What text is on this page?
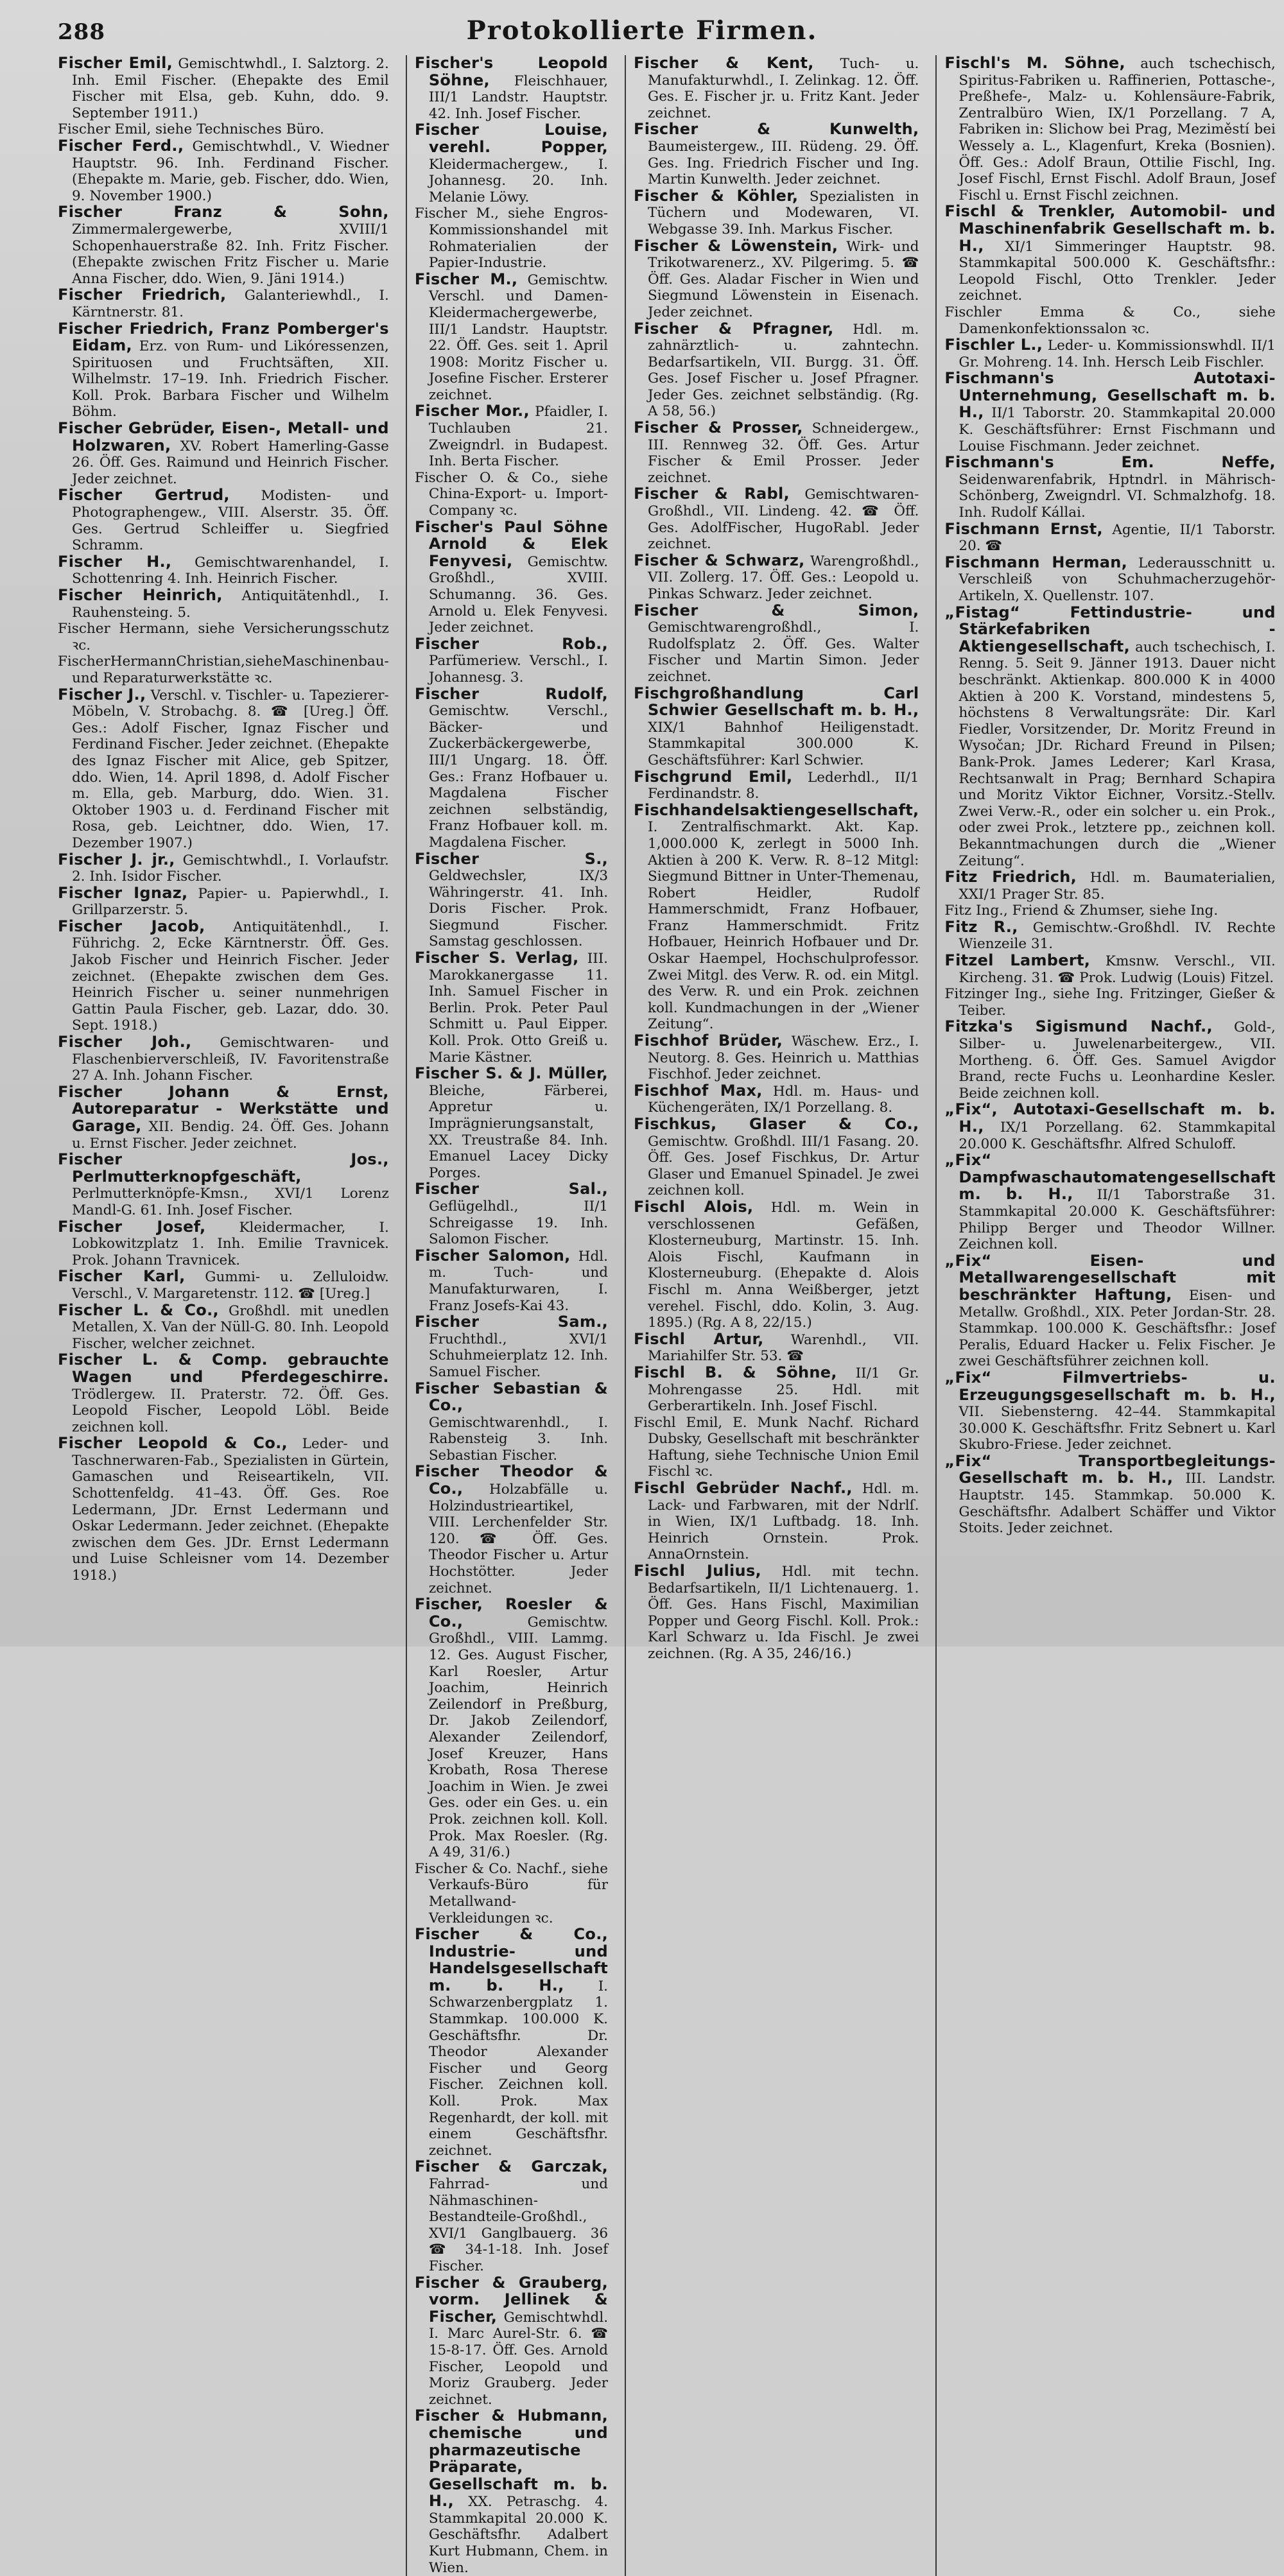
288	Protokollierte Firmen.

Fischer Emil, Gemischtwhdl., I. Salztorg. 2. Inh. Emil Fischer. (Ehepakte des Emil Fischer mit Elsa, geb. Kuhn, ddo. 9. September 1911.)

Fischer Emil, siehe Technisches Büro.

Fischer Ferd., Gemischtwhdl., V. Wiedner Hauptstr. 96. Inh. Ferdinand Fischer. (Ehepakte m. Marie, geb. Fischer, ddo. Wien, 9. November 1900.)

Fischer Franz & Sohn, Zimmermalergewerbe, XVIII/1 Schopenhauerstraße 82. Inh. Fritz Fischer. (Ehepakte zwischen Fritz Fischer u. Marie Anna Fischer, ddo. Wien, 9. Jäni 1914.)

Fischer Friedrich, Galanteriewhdl., I. Kärntnerstr. 81.

Fischer Friedrich, Franz Pomberger's Eidam, Erz. von Rum- und Likóressenzen, Spirituosen und Fruchtsäften, XII. Wilhelmstr. 17–19. Inh. Friedrich Fischer. Koll. Prok. Barbara Fischer und Wilhelm Böhm.

Fischer Gebrüder, Eisen-, Metall- und Holzwaren, XV. Robert Hamerling-Gasse 26. Öff. Ges. Raimund und Heinrich Fischer. Jeder zeichnet.

Fischer Gertrud, Modisten- und Photographengew., VIII. Alserstr. 35. Öff. Ges. Gertrud Schleiffer u. Siegfried Schramm.

Fischer H., Gemischtwarenhandel, I. Schottenring 4. Inh. Heinrich Fischer.

Fischer Heinrich, Antiquitätenhdl., I. Rauhensteing. 5.

Fischer Hermann, siehe Versicherungsschutz ꝛc.

FischerHermannChristian,sieheMaschinenbau- und Reparaturwerkstätte ꝛc.

Fischer J., Verschl. v. Tischler- u. Tapezierer-Möbeln, V. Strobachg. 8. ☎ [Ureg.] Öff. Ges.: Adolf Fischer, Ignaz Fischer und Ferdinand Fischer. Jeder zeichnet. (Ehepakte des Ignaz Fischer mit Alice, geb Spitzer, ddo. Wien, 14. April 1898, d. Adolf Fischer m. Ella, geb. Marburg, ddo. Wien. 31. Oktober 1903 u. d. Ferdinand Fischer mit Rosa, geb. Leichtner, ddo. Wien, 17. Dezember 1907.)

Fischer J. jr., Gemischtwhdl., I. Vorlaufstr. 2. Inh. Isidor Fischer.

Fischer Ignaz, Papier- u. Papierwhdl., I. Grillparzerstr. 5.

Fischer Jacob, Antiquitätenhdl., I. Führichg. 2, Ecke Kärntnerstr. Öff. Ges. Jakob Fischer und Heinrich Fischer. Jeder zeichnet. (Ehepakte zwischen dem Ges. Heinrich Fischer u. seiner nunmehrigen Gattin Paula Fischer, geb. Lazar, ddo. 30. Sept. 1918.)

Fischer Joh., Gemischtwaren- und Flaschenbierverschleiß, IV. Favoritenstraße 27 A. Inh. Johann Fischer.

Fischer Johann & Ernst, Autoreparatur - Werkstätte und Garage, XII. Bendig. 24. Öff. Ges. Johann u. Ernst Fischer. Jeder zeichnet.

Fischer Jos., Perlmutterknopfgeschäft, Perlmutterknöpfe-Kmsn., XVI/1 Lorenz Mandl-G. 61. Inh. Josef Fischer.

Fischer Josef, Kleidermacher, I. Lobkowitzplatz 1. Inh. Emilie Travnicek. Prok. Johann Travnicek.

Fischer Karl, Gummi- u. Zelluloidw. Verschl., V. Margaretenstr. 112. ☎ [Ureg.]

Fischer L. & Co., Großhdl. mit unedlen Metallen, X. Van der Nüll-G. 80. Inh. Leopold Fischer, welcher zeichnet.

Fischer L. & Comp. gebrauchte Wagen und Pferdegeschirre. Trödlergew. II. Praterstr. 72. Öff. Ges. Leopold Fischer, Leopold Löbl. Beide zeichnen koll.

Fischer Leopold & Co., Leder- und Taschnerwaren-Fab., Spezialisten in Gürtein, Gamaschen und Reiseartikeln, VII. Schottenfeldg. 41–43. Öff. Ges. Roe Ledermann, JDr. Ernst Ledermann und Oskar Ledermann. Jeder zeichnet. (Ehepakte zwischen dem Ges. JDr. Ernst Ledermann und Luise Schleisner vom 14. Dezember 1918.)

Fischer's Leopold Söhne, Fleischhauer, III/1 Landstr. Hauptstr. 42. Inh. Josef Fischer.

Fischer Louise, verehl. Popper, Kleidermachergew., I. Johannesg. 20. Inh. Melanie Löwy.

Fischer M., siehe Engros-Kommissionshandel mit Rohmaterialien der Papier-Industrie.

Fischer M., Gemischtw. Verschl. und Damen-Kleidermachergewerbe, III/1 Landstr. Hauptstr. 22. Öff. Ges. seit 1. April 1908: Moritz Fischer u. Josefine Fischer. Ersterer zeichnet.

Fischer Mor., Pfaidler, I. Tuchlauben 21. Zweigndrl. in Budapest. Inh. Berta Fischer.

Fischer O. & Co., siehe China-Export- u. Import-Company ꝛc.

Fischer's Paul Söhne Arnold & Elek Fenyvesi, Gemischtw. Großhdl., XVIII. Schumanng. 36. Ges. Arnold u. Elek Fenyvesi. Jeder zeichnet.

Fischer Rob., Parfümeriew. Verschl., I. Johannesg. 3.

Fischer Rudolf, Gemischtw. Verschl., Bäcker- und Zuckerbäckergewerbe, III/1 Ungarg. 18. Öff. Ges.: Franz Hofbauer u. Magdalena Fischer zeichnen selbständig, Franz Hofbauer koll. m. Magdalena Fischer.

Fischer S., Geldwechsler, IX/3 Währingerstr. 41. Inh. Doris Fischer. Prok. Siegmund Fischer. Samstag geschlossen.

Fischer S. Verlag, III. Marokkanergasse 11. Inh. Samuel Fischer in Berlin. Prok. Peter Paul Schmitt u. Paul Eipper. Koll. Prok. Otto Greiß u. Marie Kästner.

Fischer S. & J. Müller, Bleiche, Färberei, Appretur u. Imprägnierungsanstalt, XX. Treustraße 84. Inh. Emanuel Lacey Dicky Porges.

Fischer Sal., Geflügelhdl., II/1 Schreigasse 19. Inh. Salomon Fischer.

Fischer Salomon, Hdl. m. Tuch- und Manufakturwaren, I. Franz Josefs-Kai 43.

Fischer Sam., Fruchthdl., XVI/1 Schuhmeierplatz 12. Inh. Samuel Fischer.

Fischer Sebastian & Co., Gemischtwarenhdl., I. Rabensteig 3. Inh. Sebastian Fischer.

Fischer Theodor & Co., Holzabfälle u. Holzindustrieartikel, VIII. Lerchenfelder Str. 120. ☎ Öff. Ges. Theodor Fischer u. Artur Hochstötter. Jeder zeichnet.

Fischer, Roesler & Co., Gemischtw. Großhdl., VIII. Lammg. 12. Ges. August Fischer, Karl Roesler, Artur Joachim, Heinrich Zeilendorf in Preßburg, Dr. Jakob Zeilendorf, Alexander Zeilendorf, Josef Kreuzer, Hans Krobath, Rosa Therese Joachim in Wien. Je zwei Ges. oder ein Ges. u. ein Prok. zeichnen koll. Koll. Prok. Max Roesler. (Rg. A 49, 31/6.)

Fischer & Co. Nachf., siehe Verkaufs-Büro für Metallwand-Verkleidungen ꝛc.

Fischer & Co., Industrie- und Handelsgesellschaft m. b. H., I. Schwarzenbergplatz 1. Stammkap. 100.000 K. Geschäftsfhr. Dr. Theodor Alexander Fischer und Georg Fischer. Zeichnen koll. Koll. Prok. Max Regenhardt, der koll. mit einem Geschäftsfhr. zeichnet.

Fischer & Garczak, Fahrrad- und Nähmaschinen-Bestandteile-Großhdl., XVI/1 Ganglbauerg. 36 ☎ 34-1-18. Inh. Josef Fischer.

Fischer & Grauberg, vorm. Jellinek & Fischer, Gemischtwhdl. I. Marc Aurel-Str. 6. ☎ 15-8-17. Öff. Ges. Arnold Fischer, Leopold und Moriz Grauberg. Jeder zeichnet.

Fischer & Hubmann, chemische und pharmazeutische Präparate, Gesellschaft m. b. H., XX. Petraschg. 4. Stammkapital 20.000 K. Geschäftsfhr. Adalbert Kurt Hubmann, Chem. in Wien.

Fischer & Kent, Tuch- u. Manufakturwhdl., I. Zelinkag. 12. Öff. Ges. E. Fischer jr. u. Fritz Kant. Jeder zeichnet.

Fischer & Kunwelth, Baumeistergew., III. Rüdeng. 29. Öff. Ges. Ing. Friedrich Fischer und Ing. Martin Kunwelth. Jeder zeichnet.

Fischer & Köhler, Spezialisten in Tüchern und Modewaren, VI. Webgasse 39. Inh. Markus Fischer.

Fischer & Löwenstein, Wirk- und Trikotwarenerz., XV. Pilgerimg. 5. ☎ Öff. Ges. Aladar Fischer in Wien und Siegmund Löwenstein in Eisenach. Jeder zeichnet.

Fischer & Pfragner, Hdl. m. zahnärztlich- u. zahntechn. Bedarfsartikeln, VII. Burgg. 31. Öff. Ges. Josef Fischer u. Josef Pfragner. Jeder Ges. zeichnet selbständig. (Rg. A 58, 56.)

Fischer & Prosser, Schneidergew., III. Rennweg 32. Öff. Ges. Artur Fischer & Emil Prosser. Jeder zeichnet.

Fischer & Rabl, Gemischtwaren-Großhdl., VII. Lindeng. 42. ☎ Öff. Ges. AdolfFischer, HugoRabl. Jeder zeichnet.

Fischer & Schwarz, Warengroßhdl., VII. Zollerg. 17. Öff. Ges.: Leopold u. Pinkas Schwarz. Jeder zeichnet.

Fischer & Simon, Gemischtwarengroßhdl., I. Rudolfsplatz 2. Öff. Ges. Walter Fischer und Martin Simon. Jeder zeichnet.

Fischgroßhandlung Carl Schwier Gesellschaft m. b. H., XIX/1 Bahnhof Heiligenstadt. Stammkapital 300.000 K. Geschäftsführer: Karl Schwier.

Fischgrund Emil, Lederhdl., II/1 Ferdinandstr. 8.

Fischhandelsaktiengesellschaft, I. Zentralfischmarkt. Akt. Kap. 1,000.000 K, zerlegt in 5000 Inh. Aktien à 200 K. Verw. R. 8–12 Mitgl: Siegmund Bittner in Unter-Themenau, Robert Heidler, Rudolf Hammerschmidt, Franz Hofbauer, Franz Hammerschmidt. Fritz Hofbauer, Heinrich Hofbauer und Dr. Oskar Haempel, Hochschulprofessor. Zwei Mitgl. des Verw. R. od. ein Mitgl. des Verw. R. und ein Prok. zeichnen koll. Kundmachungen in der „Wiener Zeitung“.

Fischhof Brüder, Wäschew. Erz., I. Neutorg. 8. Ges. Heinrich u. Matthias Fischhof. Jeder zeichnet.

Fischhof Max, Hdl. m. Haus- und Küchengeräten, IX/1 Porzellang. 8.

Fischkus, Glaser & Co., Gemischtw. Großhdl. III/1 Fasang. 20. Öff. Ges. Josef Fischkus, Dr. Artur Glaser und Emanuel Spinadel. Je zwei zeichnen koll.

Fischl Alois, Hdl. m. Wein in verschlossenen Gefäßen, Klosterneuburg, Martinstr. 15. Inh. Alois Fischl, Kaufmann in Klosterneuburg. (Ehepakte d. Alois Fischl m. Anna Weißberger, jetzt verehel. Fischl, ddo. Kolin, 3. Aug. 1895.) (Rg. A 8, 22/15.)

Fischl Artur, Warenhdl., VII. Mariahilfer Str. 53. ☎

Fischl B. & Söhne, II/1 Gr. Mohrengasse 25. Hdl. mit Gerberartikeln. Inh. Josef Fischl.

Fischl Emil, E. Munk Nachf. Richard Dubsky, Gesellschaft mit beschränkter Haftung, siehe Technische Union Emil Fischl ꝛc.

Fischl Gebrüder Nachf., Hdl. m. Lack- und Farbwaren, mit der Ndrlſ. in Wien, IX/1 Luftbadg. 18. Inh. Heinrich Ornstein. Prok. AnnaOrnstein.

Fischl Julius, Hdl. mit techn. Bedarfsartikeln, II/1 Lichtenauerg. 1. Öff. Ges. Hans Fischl, Maximilian Popper und Georg Fischl. Koll. Prok.: Karl Schwarz u. Ida Fischl. Je zwei zeichnen. (Rg. A 35, 246/16.)

Fischl's M. Söhne, auch tschechisch, Spiritus-Fabriken u. Raffinerien, Pottasche-, Preßhefe-, Malz- u. Kohlensäure-Fabrik, Zentralbüro Wien, IX/1 Porzellang. 7 A, Fabriken in: Slichow bei Prag, Meziměstí bei Wessely a. L., Klagenfurt, Kreka (Bosnien). Öff. Ges.: Adolf Braun, Ottilie Fischl, Ing. Josef Fischl, Ernst Fischl. Adolf Braun, Josef Fischl u. Ernst Fischl zeichnen.

Fischl & Trenkler, Automobil- und Maschinenfabrik Gesellschaft m. b. H., XI/1 Simmeringer Hauptstr. 98. Stammkapital 500.000 K. Geschäftsfhr.: Leopold Fischl, Otto Trenkler. Jeder zeichnet.

Fischler Emma & Co., siehe Damenkonfektionssalon ꝛc.

Fischler L., Leder- u. Kommissionswhdl. II/1 Gr. Mohreng. 14. Inh. Hersch Leib Fischler.

Fischmann's Autotaxi-Unternehmung, Gesellschaft m. b. H., II/1 Taborstr. 20. Stammkapital 20.000 K. Geschäftsführer: Ernst Fischmann und Louise Fischmann. Jeder zeichnet.

Fischmann's Em. Neffe, Seidenwarenfabrik, Hptndrl. in Mährisch-Schönberg, Zweigndrl. VI. Schmalzhofg. 18. Inh. Rudolf Kállai.

Fischmann Ernst, Agentie, II/1 Taborstr. 20. ☎

Fischmann Herman, Lederausschnitt u. Verschleiß von Schuhmacherzugehör-Artikeln, X. Quellenstr. 107.

„Fistag“ Fettindustrie- und Stärkefabriken - Aktiengesellschaft, auch tschechisch, I. Renng. 5. Seit 9. Jänner 1913. Dauer nicht beschränkt. Aktienkap. 800.000 K in 4000 Aktien à 200 K. Vorstand, mindestens 5, höchstens 8 Verwaltungsräte: Dir. Karl Fiedler, Vorsitzender, Dr. Moritz Freund in Wysočan; JDr. Richard Freund in Pilsen; Bank-Prok. James Lederer; Karl Krasa, Rechtsanwalt in Prag; Bernhard Schapira und Moritz Viktor Eichner, Vorsitz.-Stellv. Zwei Verw.-R., oder ein solcher u. ein Prok., oder zwei Prok., letztere pp., zeichnen koll. Bekanntmachungen durch die „Wiener Zeitung“.

Fitz Friedrich, Hdl. m. Baumaterialien, XXI/1 Prager Str. 85.

Fitz Ing., Friend & Zhumser, siehe Ing.

Fitz R., Gemischtw.-Großhdl. IV. Rechte Wienzeile 31.

Fitzel Lambert, Kmsnw. Verschl., VII. Kircheng. 31. ☎ Prok. Ludwig (Louis) Fitzel.

Fitzinger Ing., siehe Ing. Fritzinger, Gießer & Teiber.

Fitzka's Sigismund Nachf., Gold-, Silber- u. Juwelenarbeitergew., VII. Mortheng. 6. Öff. Ges. Samuel Avigdor Brand, recte Fuchs u. Leonhardine Kesler. Beide zeichnen koll.

„Fix“, Autotaxi-Gesellschaft m. b. H., IX/1 Porzellang. 62. Stammkapital 20.000 K. Geschäftsfhr. Alfred Schuloff.

„Fix“ Dampfwaschautomatengesellschaft m. b. H., II/1 Taborstraße 31. Stammkapital 20.000 K. Geschäftsführer: Philipp Berger und Theodor Willner. Zeichnen koll.

„Fix“ Eisen- und Metallwarengesellschaft mit beschränkter Haftung, Eisen- und Metallw. Großhdl., XIX. Peter Jordan-Str. 28. Stammkap. 100.000 K. Geschäftsfhr.: Josef Peralis, Eduard Hacker u. Felix Fischer. Je zwei Geschäftsführer zeichnen koll.

„Fix“ Filmvertriebs- u. Erzeugungsgesellschaft m. b. H., VII. Siebensterng. 42–44. Stammkapital 30.000 K. Geschäftsfhr. Fritz Sebnert u. Karl Skubro-Friese. Jeder zeichnet.

„Fix“ Transportbegleitungs-Gesellschaft m. b. H., III. Landstr. Hauptstr. 145. Stammkap. 50.000 K. Geschäftsfhr. Adalbert Schäffer und Viktor Stoits. Jeder zeichnet.
